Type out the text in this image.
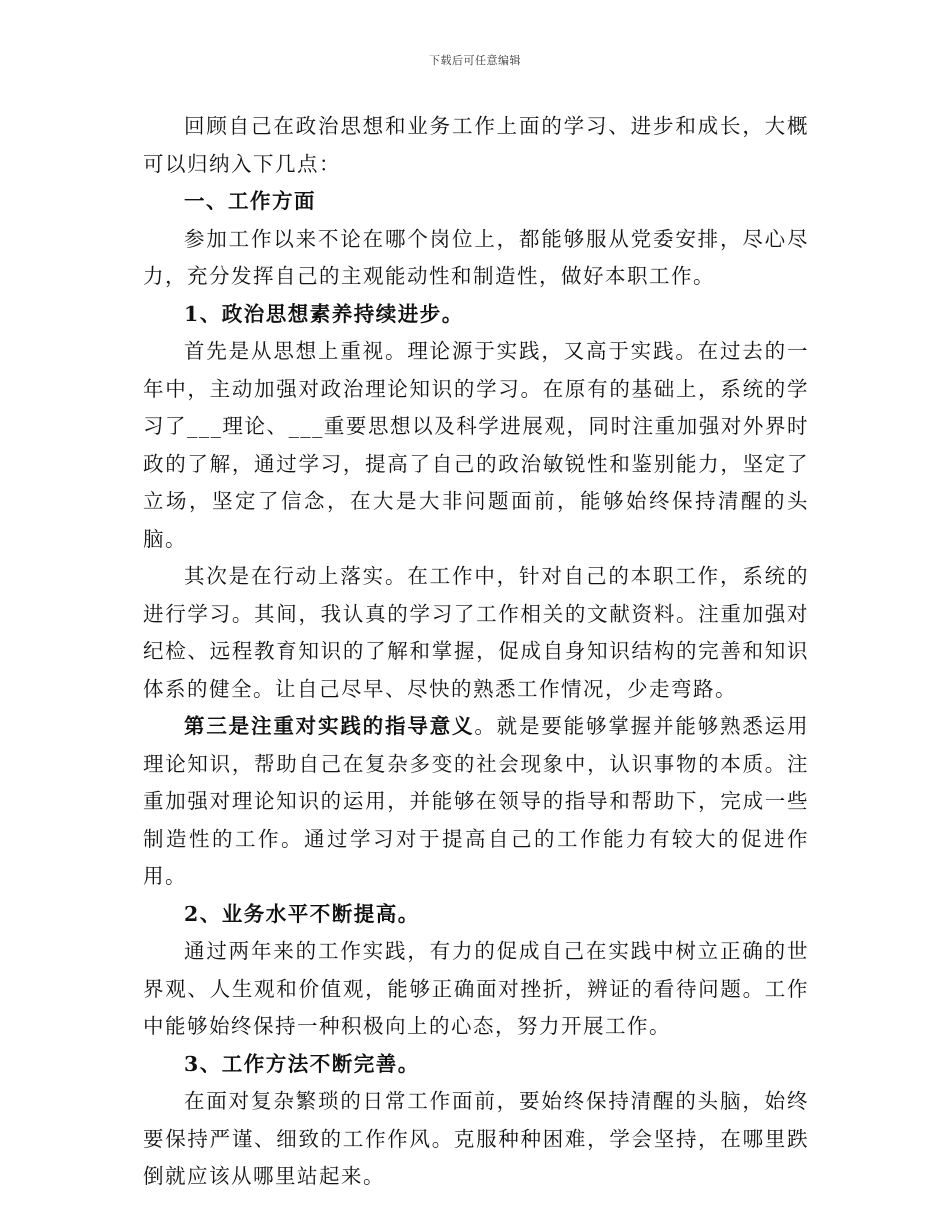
下载后可任意编辑

回顾自己在政治思想和业务工作上面的学习、进步和成长，大概可以归纳入下几点：

一、工作方面

参加工作以来不论在哪个岗位上，都能够服从党委安排，尽心尽力，充分发挥自己的主观能动性和制造性，做好本职工作。

1、政治思想素养持续进步。

首先是从思想上重视。理论源于实践，又高于实践。在过去的一年中，主动加强对政治理论知识的学习。在原有的基础上，系统的学习了___理论、___重要思想以及科学进展观，同时注重加强对外界时政的了解，通过学习，提高了自己的政治敏锐性和鉴别能力，坚定了立场，坚定了信念，在大是大非问题面前，能够始终保持清醒的头脑。

其次是在行动上落实。在工作中，针对自己的本职工作，系统的进行学习。其间，我认真的学习了工作相关的文献资料。注重加强对纪检、远程教育知识的了解和掌握，促成自身知识结构的完善和知识体系的健全。让自己尽早、尽快的熟悉工作情况，少走弯路。

第三是注重对实践的指导意义。就是要能够掌握并能够熟悉运用理论知识，帮助自己在复杂多变的社会现象中，认识事物的本质。注重加强对理论知识的运用，并能够在领导的指导和帮助下，完成一些制造性的工作。通过学习对于提高自己的工作能力有较大的促进作用。

2、业务水平不断提高。

通过两年来的工作实践，有力的促成自己在实践中树立正确的世界观、人生观和价值观，能够正确面对挫折，辨证的看待问题。工作中能够始终保持一种积极向上的心态，努力开展工作。

3、工作方法不断完善。

在面对复杂繁琐的日常工作面前，要始终保持清醒的头脑，始终要保持严谨、细致的工作作风。克服种种困难，学会坚持，在哪里跌倒就应该从哪里站起来。
